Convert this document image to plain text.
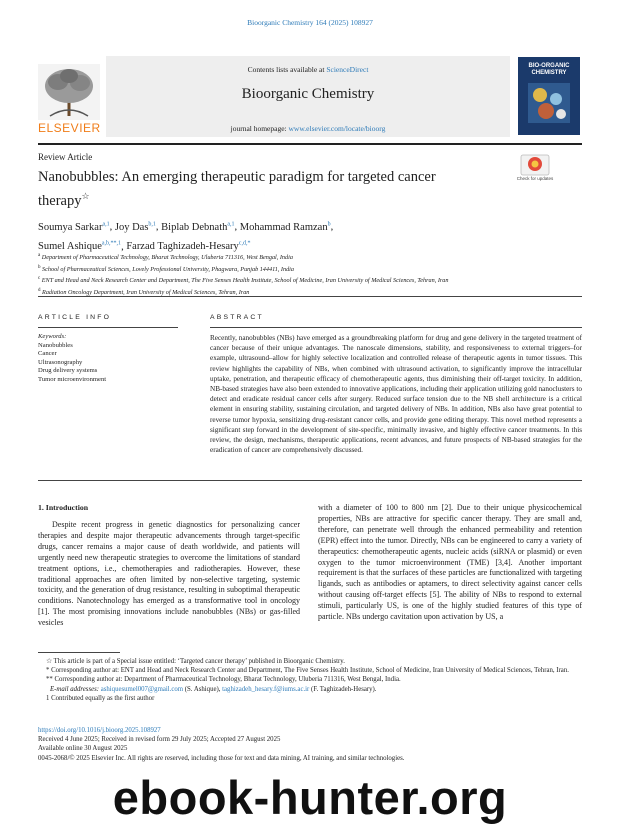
Bioorganic Chemistry 164 (2025) 108927
ELSEVIER
Contents lists available at ScienceDirect
Bioorganic Chemistry
journal homepage: www.elsevier.com/locate/bioorg
BIO-ORGANIC
CHEMISTRY
Review Article
Nanobubbles: An emerging therapeutic paradigm for targeted cancer therapy☆
Check for updates
Soumya Sarkar$^{a,1}$, Joy Das$^{b,1}$, Biplab Debnath$^{a,1}$, Mohammad Ramzan$^b$,
Sumel Ashique$^{a,b,**,1}$, Farzad Taghizadeh-Hesary$^{c,d,*}$
$^a$ Department of Pharmaceutical Technology, Bharat Technology, Uluberia 711316, West Bengal, India
$^b$ School of Pharmaceutical Sciences, Lovely Professional University, Phagwara, Punjab 144411, India
$^c$ ENT and Head and Neck Research Center and Department, The Five Senses Health Institute, School of Medicine, Iran University of Medical Sciences, Tehran, Iran
$^d$ Radiation Oncology Department, Iran University of Medical Sciences, Tehran, Iran
ARTICLE INFO
Keywords:
Nanobubbles
Cancer
Ultrasonography
Drug delivery systems
Tumor microenvironment
ABSTRACT
Recently, nanobubbles (NBs) have emerged as a groundbreaking platform for drug and gene delivery in the targeted treatment of cancer because of their unique advantages. The nanoscale dimensions, stability, and responsiveness to external triggers–for example, ultrasound–allow for highly selective localization and controlled release of therapeutic agents in tumor tissues. This review highlights the capability of NBs, when combined with ultrasound activation, to significantly improve the intracellular uptake, penetration, and therapeutic efficacy of chemotherapeutic agents, thus diminishing their off-target toxicity. In addition, NB-based strategies have also been extended to innovative applications, including their application utilizing gold nanoclusters to detect and eradicate residual cancer cells after surgery. Reduced surface tension due to the NB shell architecture is a critical element in ensuring stability, sustaining circulation, and targeted delivery of NBs. In addition, NBs also have great potential to reverse tumor hypoxia, sensitizing drug-resistant cancer cells, and provide gene editing therapy. This novel method represents a significant step forward in the development of site-specific, minimally invasive, and highly effective cancer treatments. In this review, the design, mechanisms, therapeutic applications, recent advances, and future prospects of NB-based strategies for the eradication of cancer are comprehensively discussed.
1. Introduction
Despite recent progress in genetic diagnostics for personalizing cancer therapies and despite major therapeutic advancements through target-specific drugs, cancer remains a major cause of death worldwide, and patients will urgently need new therapeutic strategies to overcome the limitations of standard treatment options, i.e., chemotherapies and radiotherapies. However, these traditional approaches are often limited by non-selective targeting, systemic toxicity, and the generation of drug resistance, resulting in suboptimal therapeutic conditions. Nanotechnology has emerged as a transformative tool in oncology [1]. The most promising innovations include nanobubbles (NBs) or gas-filled vesicles
with a diameter of 100 to 800 nm [2]. Due to their unique physicochemical properties, NBs are attractive for specific cancer therapy. They are small and, therefore, can penetrate well through the enhanced permeability and retention (EPR) effect into the tumor. Directly, NBs can be engineered to carry a variety of therapeutics: chemotherapeutic agents, nucleic acids (siRNA or plasmid) or even oxygen to the tumor microenvironment (TME) [3,4]. Another important requirement is that the surfaces of these particles are functionalized with targeting ligands, such as antibodies or aptamers, to direct selectivity against cancer cells without causing off-target effects [5]. The ability of NBs to respond to external stimuli, particularly US, is one of the highly studied features of this type of particle. NBs undergo cavitation upon activation by US, a

☆ This article is part of a Special issue entitled: ‘Targeted cancer therapy’ published in Bioorganic Chemistry.

* Corresponding author at: ENT and Head and Neck Research Center and Department, The Five Senses Health Institute, School of Medicine, Iran University of Medical Sciences, Tehran, Iran.

** Corresponding author at: Department of Pharmaceutical Technology, Bharat Technology, Uluberia 711316, West Bengal, India.

E-mail addresses: ashiquesumel007@gmail.com (S. Ashique), taghizadeh_hesary.f@iums.ac.ir (F. Taghizadeh-Hesary).

1 Contributed equally as the first author

https://doi.org/10.1016/j.bioorg.2025.108927
Received 4 June 2025; Received in revised form 29 July 2025; Accepted 27 August 2025
Available online 30 August 2025
0045-2068/© 2025 Elsevier Inc. All rights are reserved, including those for text and data mining, AI training, and similar technologies.
ebook-hunter.org
